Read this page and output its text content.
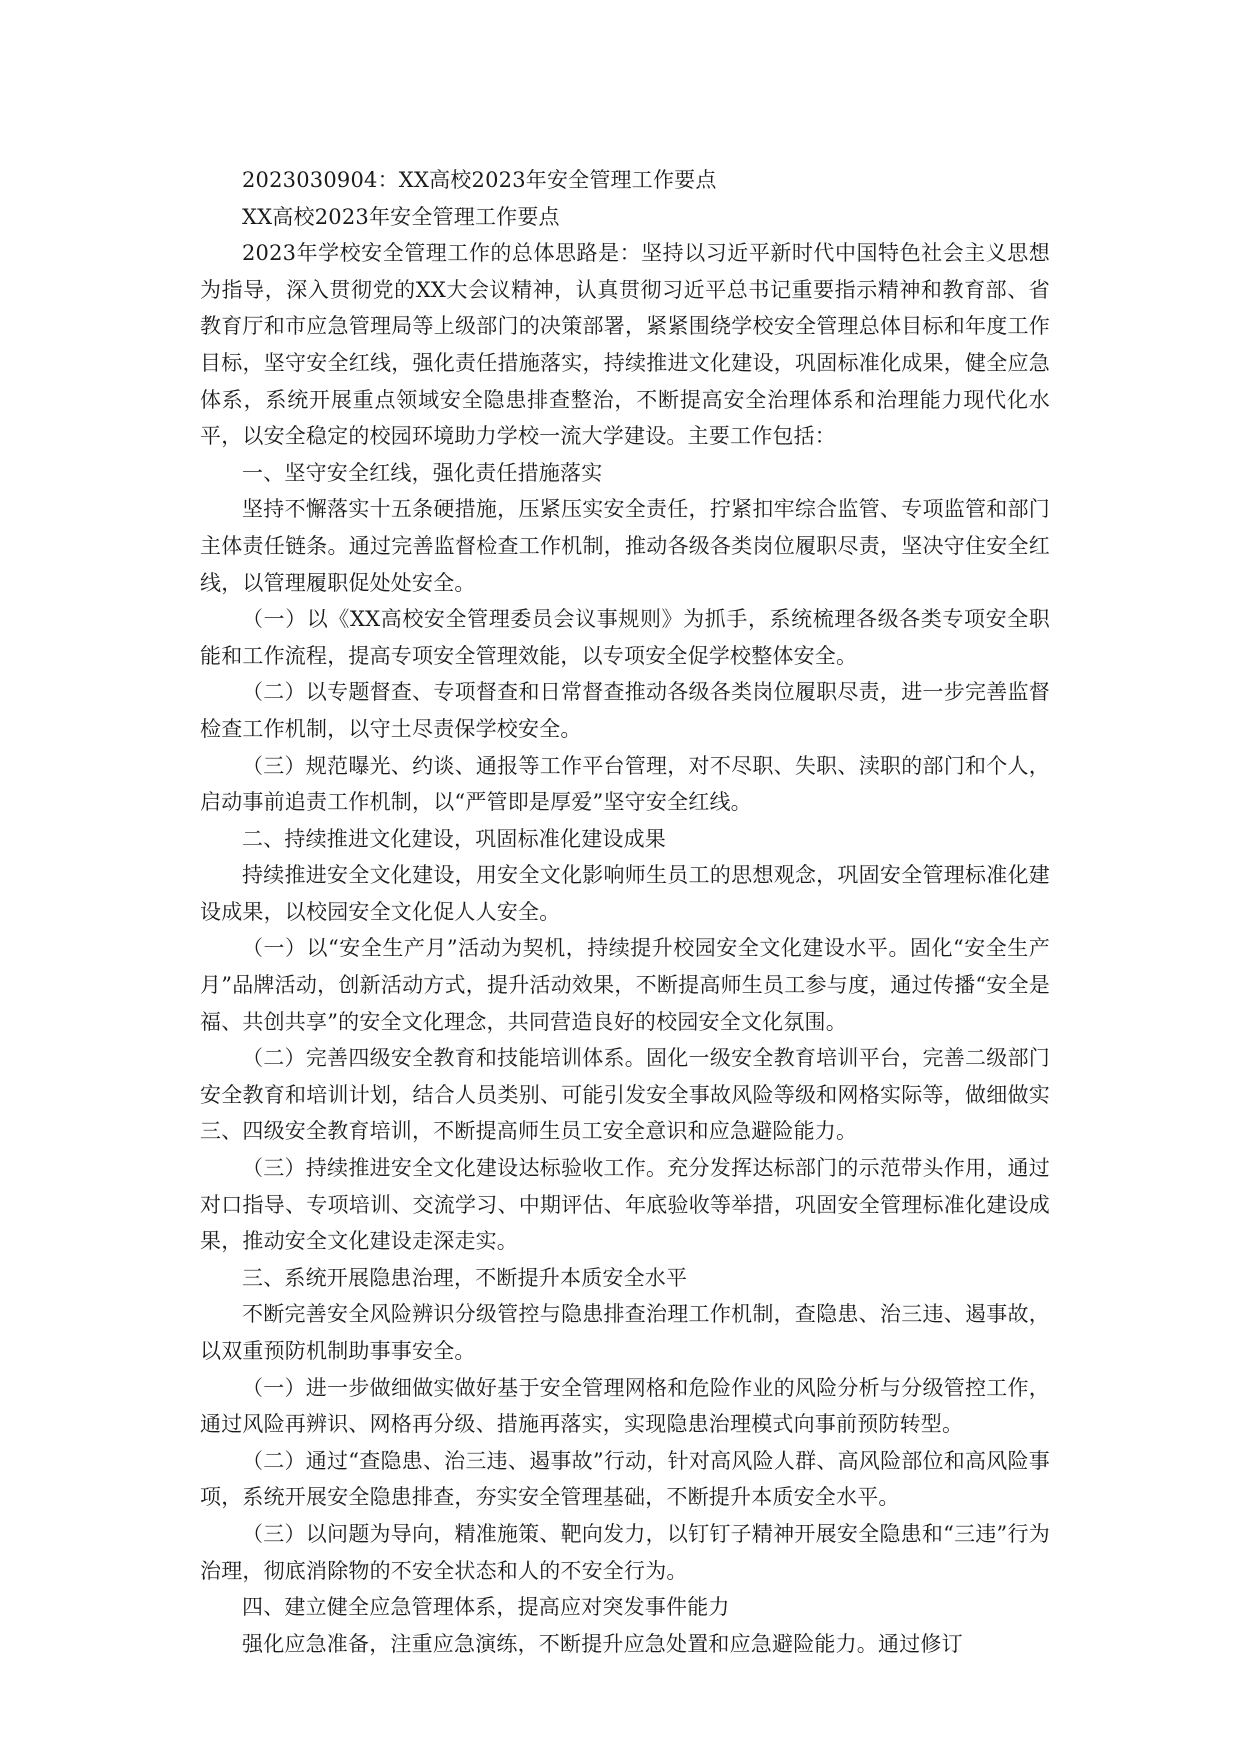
2023030904：XX高校2023年安全管理工作要点

XX高校2023年安全管理工作要点

2023年学校安全管理工作的总体思路是：坚持以习近平新时代中国特色社会主义思想为指导，深入贯彻党的XX大会议精神，认真贯彻习近平总书记重要指示精神和教育部、省教育厅和市应急管理局等上级部门的决策部署，紧紧围绕学校安全管理总体目标和年度工作目标，坚守安全红线，强化责任措施落实，持续推进文化建设，巩固标准化成果，健全应急体系，系统开展重点领域安全隐患排查整治，不断提高安全治理体系和治理能力现代化水平，以安全稳定的校园环境助力学校一流大学建设。主要工作包括：

一、坚守安全红线，强化责任措施落实

坚持不懈落实十五条硬措施，压紧压实安全责任，拧紧扣牢综合监管、专项监管和部门主体责任链条。通过完善监督检查工作机制，推动各级各类岗位履职尽责，坚决守住安全红线，以管理履职促处处安全。

（一）以《XX高校安全管理委员会议事规则》为抓手，系统梳理各级各类专项安全职能和工作流程，提高专项安全管理效能，以专项安全促学校整体安全。

（二）以专题督查、专项督查和日常督查推动各级各类岗位履职尽责，进一步完善监督检查工作机制，以守土尽责保学校安全。

（三）规范曝光、约谈、通报等工作平台管理，对不尽职、失职、渎职的部门和个人，启动事前追责工作机制，以“严管即是厚爱”坚守安全红线。

二、持续推进文化建设，巩固标准化建设成果

持续推进安全文化建设，用安全文化影响师生员工的思想观念，巩固安全管理标准化建设成果，以校园安全文化促人人安全。

（一）以“安全生产月”活动为契机，持续提升校园安全文化建设水平。固化“安全生产月”品牌活动，创新活动方式，提升活动效果，不断提高师生员工参与度，通过传播“安全是福、共创共享”的安全文化理念，共同营造良好的校园安全文化氛围。

（二）完善四级安全教育和技能培训体系。固化一级安全教育培训平台，完善二级部门安全教育和培训计划，结合人员类别、可能引发安全事故风险等级和网格实际等，做细做实三、四级安全教育培训，不断提高师生员工安全意识和应急避险能力。

（三）持续推进安全文化建设达标验收工作。充分发挥达标部门的示范带头作用，通过对口指导、专项培训、交流学习、中期评估、年底验收等举措，巩固安全管理标准化建设成果，推动安全文化建设走深走实。

三、系统开展隐患治理，不断提升本质安全水平

不断完善安全风险辨识分级管控与隐患排查治理工作机制，查隐患、治三违、遏事故，以双重预防机制助事事安全。

（一）进一步做细做实做好基于安全管理网格和危险作业的风险分析与分级管控工作，通过风险再辨识、网格再分级、措施再落实，实现隐患治理模式向事前预防转型。

（二）通过“查隐患、治三违、遏事故”行动，针对高风险人群、高风险部位和高风险事项，系统开展安全隐患排查，夯实安全管理基础，不断提升本质安全水平。

（三）以问题为导向，精准施策、靶向发力，以钉钉子精神开展安全隐患和“三违”行为治理，彻底消除物的不安全状态和人的不安全行为。

四、建立健全应急管理体系，提高应对突发事件能力

强化应急准备，注重应急演练，不断提升应急处置和应急避险能力。通过修订
